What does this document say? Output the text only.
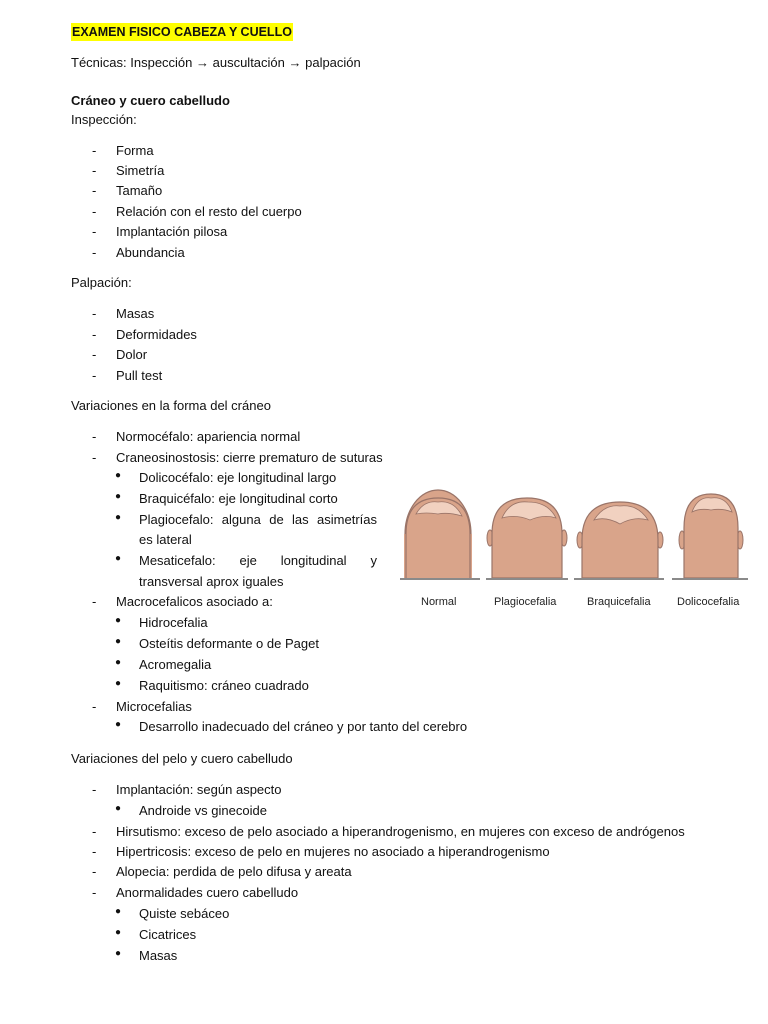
EXAMEN FISICO CABEZA Y CUELLO
Técnicas: Inspección → auscultación → palpación
Cráneo y cuero cabelludo
Inspección:
-	Forma
-	Simetría
-	Tamaño
-	Relación con el resto del cuerpo
-	Implantación pilosa
-	Abundancia
Palpación:
-	Masas
-	Deformidades
-	Dolor
-	Pull test
Variaciones en la forma del cráneo
-	Normocéfalo: apariencia normal
-	Craneosinostosis: cierre prematuro de suturas
● Dolicocéfalo: eje longitudinal largo
● Braquicéfalo: eje longitudinal corto
● Plagiocefalo: alguna de las asimetrías
es lateral
● Mesaticefalo: eje longitudinal y
transversal aprox iguales
-	Macrocefalicos asociado a:
● Hidrocefalia
● Osteítis deformante o de Paget
● Acromegalia
● Raquitismo: cráneo cuadrado
-	Microcefalias
● Desarrollo inadecuado del cráneo y por tanto del cerebro
Normal	Plagiocefalia	Braquicefalia Dolicocefalia
Variaciones del pelo y cuero cabelludo
-	Implantación: según aspecto
● Androide vs ginecoide
-	Hirsutismo: exceso de pelo asociado a hiperandrogenismo, en mujeres con exceso de andrógenos
-	Hipertricosis: exceso de pelo en mujeres no asociado a hiperandrogenismo
-	Alopecia: perdida de pelo difusa y areata
-	Anormalidades cuero cabelludo
● Quiste sebáceo
● Cicatrices
● Masas
